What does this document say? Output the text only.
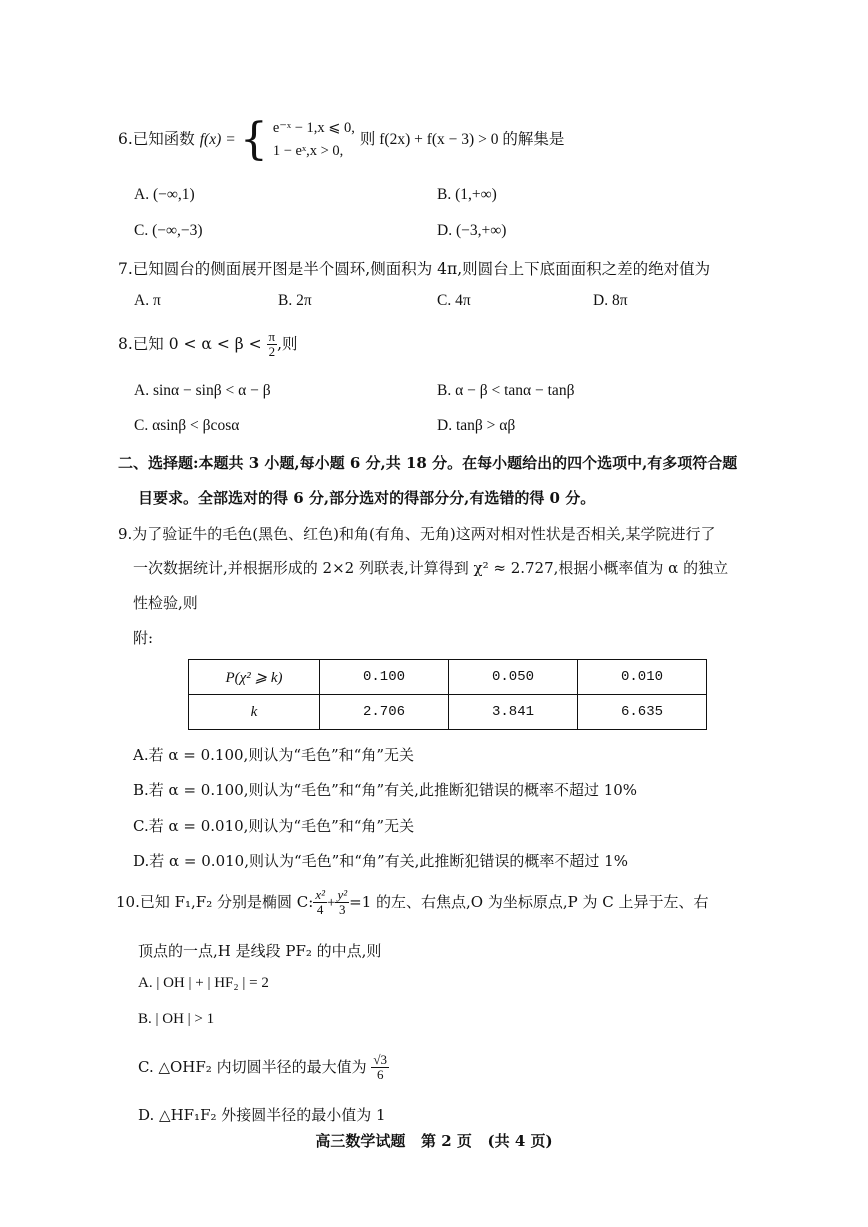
6.已知函数 f(x) = { e⁻ˣ − 1,x ⩽ 0,
1 − eˣ,x > 0,
则 f(2x) + f(x − 3) > 0 的解集是
A. (−∞,1)	B. (1,+∞)
C. (−∞,−3)	D. (−3,+∞)
7.已知圆台的侧面展开图是半个圆环,侧面积为 4π,则圆台上下底面面积之差的绝对值为
A. π	B. 2π	C. 4π	D. 8π
8.已知 $0 < \alpha < \beta < \frac{\pi}{2}$ ,则
A. sinα − sinβ < α − β	B. α − β < tanα − tanβ
C. αsinβ < βcosα	D. tanβ > αβ
二、选择题:本题共 3 小题,每小题 6 分,共 18 分。在每小题给出的四个选项中,有多项符合题
目要求。全部选对的得 6 分,部分选对的得部分分,有选错的得 0 分。
9.为了验证牛的毛色(黑色、红色)和角(有角、无角)这两对相对性状是否相关,某学院进行了
一次数据统计,并根据形成的 2×2 列联表,计算得到 χ² ≈ 2.727,根据小概率值为 α 的独立
性检验,则
附:
P(χ² ⩾ k)	0.100	0.050	0.010
k	2.706	3.841	6.635
A.若 α = 0.100,则认为“毛色”和“角”无关
B.若 α = 0.100,则认为“毛色”和“角”有关,此推断犯错误的概率不超过 10%
C.若 α = 0.010,则认为“毛色”和“角”无关
D.若 α = 0.010,则认为“毛色”和“角”有关,此推断犯错误的概率不超过 1%
10.已知 F₁,F₂ 分别是椭圆 C: $\frac{\text{x²}}{4} + \frac{\text{y²}}{3} =1$ 的左、右焦点,O 为坐标原点,P 为 C 上异于左、右
顶点的一点,H 是线段 PF₂ 的中点,则
A. | OH | + | HF₂ | = 2
B. | OH | > 1
C. △OHF₂ 内切圆半径的最大值为 $\frac{√3}{6}$
D. △HF₁F₂ 外接圆半径的最小值为 1
高三数学试题   第 2 页   (共 4 页)
